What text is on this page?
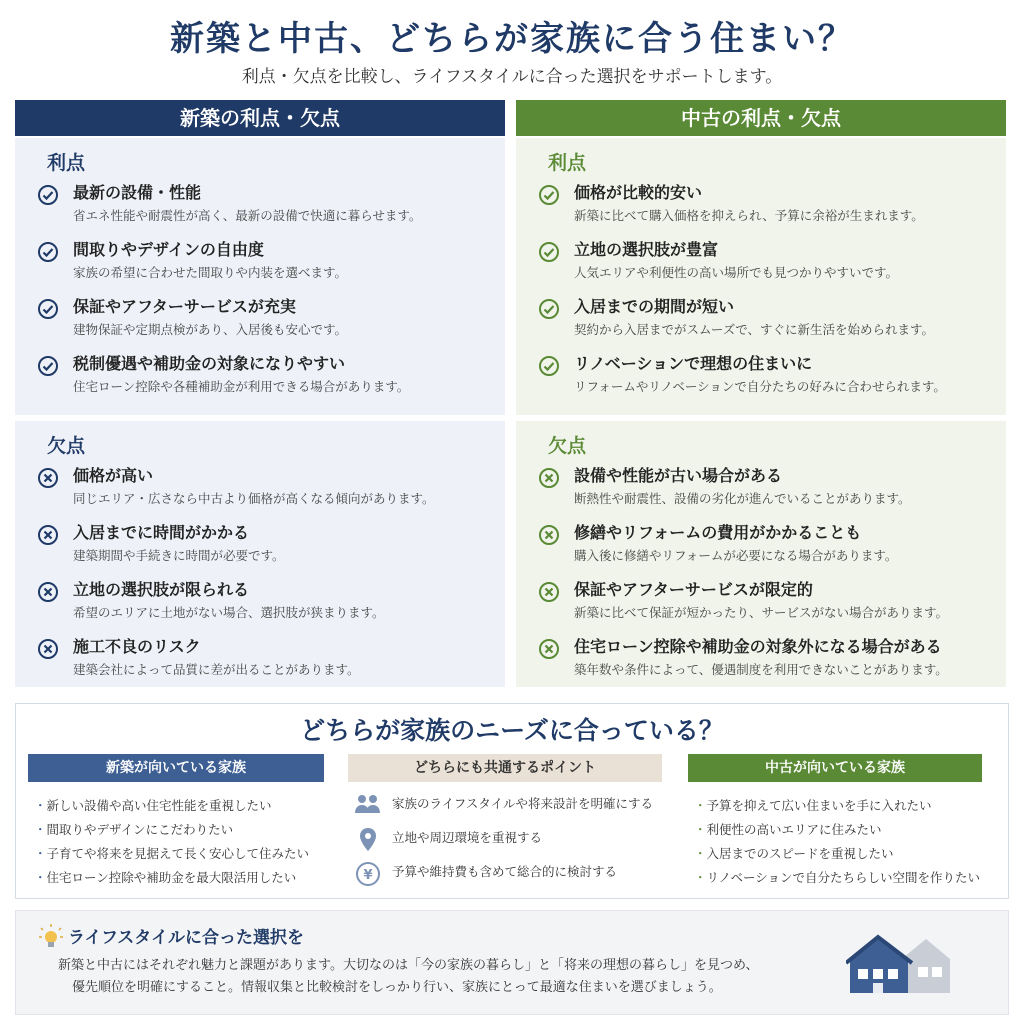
新築と中古、どちらが家族に合う住まい？
利点・欠点を比較し、ライフスタイルに合った選択をサポートします。
新築の利点・欠点
利点
最新の設備・性能
省エネ性能や耐震性が高く、最新の設備で快適に暮らせます。
間取りやデザインの自由度
家族の希望に合わせた間取りや内装を選べます。
保証やアフターサービスが充実
建物保証や定期点検があり、入居後も安心です。
税制優遇や補助金の対象になりやすい
住宅ローン控除や各種補助金が利用できる場合があります。
欠点
価格が高い
同じエリア・広さなら中古より価格が高くなる傾向があります。
入居までに時間がかかる
建築期間や手続きに時間が必要です。
立地の選択肢が限られる
希望のエリアに土地がない場合、選択肢が狭まります。
施工不良のリスク
建築会社によって品質に差が出ることがあります。
中古の利点・欠点
利点
価格が比較的安い
新築に比べて購入価格を抑えられ、予算に余裕が生まれます。
立地の選択肢が豊富
人気エリアや利便性の高い場所でも見つかりやすいです。
入居までの期間が短い
契約から入居までがスムーズで、すぐに新生活を始められます。
リノベーションで理想の住まいに
リフォームやリノベーションで自分たちの好みに合わせられます。
欠点
設備や性能が古い場合がある
断熱性や耐震性、設備の劣化が進んでいることがあります。
修繕やリフォームの費用がかかることも
購入後に修繕やリフォームが必要になる場合があります。
保証やアフターサービスが限定的
新築に比べて保証が短かったり、サービスがない場合があります。
住宅ローン控除や補助金の対象外になる場合がある
築年数や条件によって、優遇制度を利用できないことがあります。
どちらが家族のニーズに合っている？
新築が向いている家族
・ 新しい設備や高い住宅性能を重視したい
・ 間取りやデザインにこだわりたい
・ 子育てや将来を見据えて長く安心して住みたい
・ 住宅ローン控除や補助金を最大限活用したい
どちらにも共通するポイント
家族のライフスタイルや将来設計を明確にする
立地や周辺環境を重視する
¥ 予算や維持費も含めて総合的に検討する
中古が向いている家族
・ 予算を抑えて広い住まいを手に入れたい
・ 利便性の高いエリアに住みたい
・ 入居までのスピードを重視したい
・ リノベーションで自分たちらしい空間を作りたい
ライフスタイルに合った選択を
新築と中古にはそれぞれ魅力と課題があります。大切なのは「今の家族の暮らし」と「将来の理想の暮らし」を見つめ、
優先順位を明確にすること。情報収集と比較検討をしっかり行い、家族にとって最適な住まいを選びましょう。
